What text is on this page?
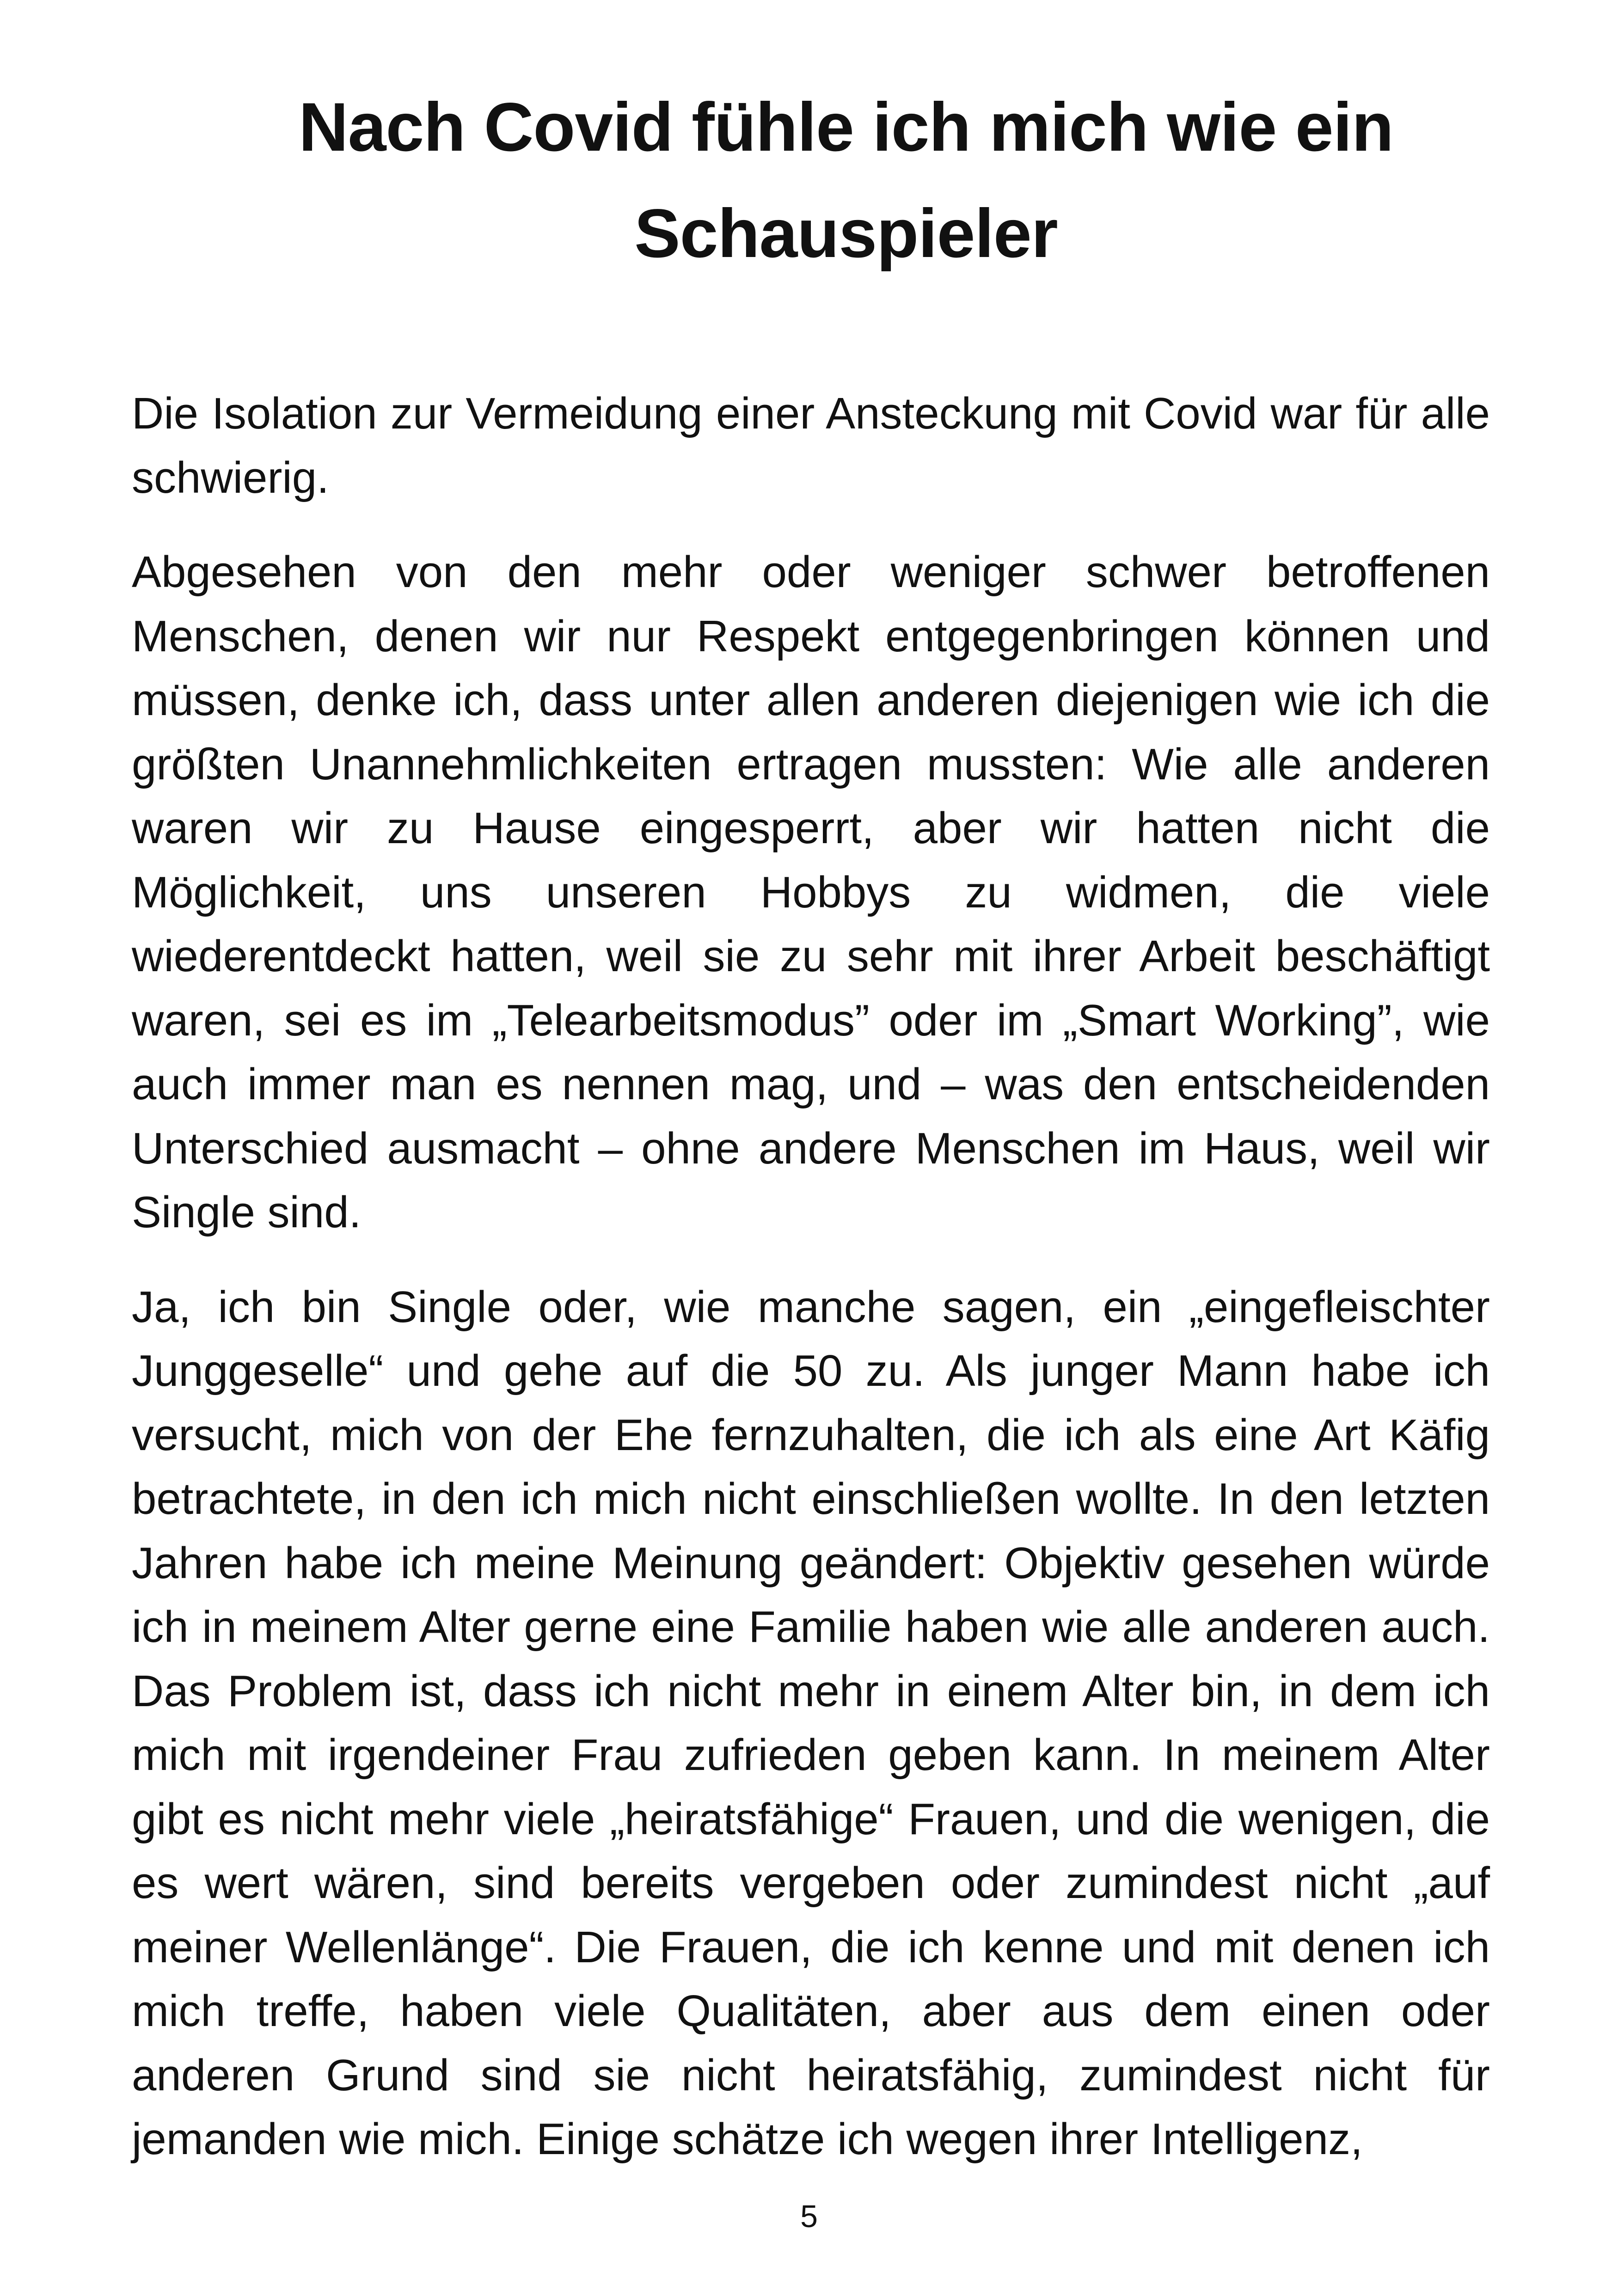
Nach Covid fühle ich mich wie ein Schauspieler

Die Isolation zur Vermeidung einer Ansteckung mit Covid war für alle schwierig.

Abgesehen von den mehr oder weniger schwer betroffenen Menschen, denen wir nur Respekt entgegenbringen können und müssen, denke ich, dass unter allen anderen diejenigen wie ich die größten Unannehmlichkeiten ertragen mussten: Wie alle anderen waren wir zu Hause eingesperrt, aber wir hatten nicht die Möglichkeit, uns unseren Hobbys zu widmen, die viele wiederentdeckt hatten, weil sie zu sehr mit ihrer Arbeit beschäftigt waren, sei es im „Telearbeitsmodus” oder im „Smart Working”, wie auch immer man es nennen mag, und – was den entscheidenden Unterschied ausmacht – ohne andere Menschen im Haus, weil wir Single sind.

Ja, ich bin Single oder, wie manche sagen, ein „eingefleischter Junggeselle“ und gehe auf die 50 zu. Als junger Mann habe ich versucht, mich von der Ehe fernzuhalten, die ich als eine Art Käfig betrachtete, in den ich mich nicht einschließen wollte. In den letzten Jahren habe ich meine Meinung geändert: Objektiv gesehen würde ich in meinem Alter gerne eine Familie haben wie alle anderen auch. Das Problem ist, dass ich nicht mehr in einem Alter bin, in dem ich mich mit irgendeiner Frau zufrieden geben kann. In meinem Alter gibt es nicht mehr viele „heiratsfähige“ Frauen, und die wenigen, die es wert wären, sind bereits vergeben oder zumindest nicht „auf meiner Wellenlänge“. Die Frauen, die ich kenne und mit denen ich mich treffe, haben viele Qualitäten, aber aus dem einen oder anderen Grund sind sie nicht heiratsfähig, zumindest nicht für jemanden wie mich. Einige schätze ich wegen ihrer Intelligenz,

5
